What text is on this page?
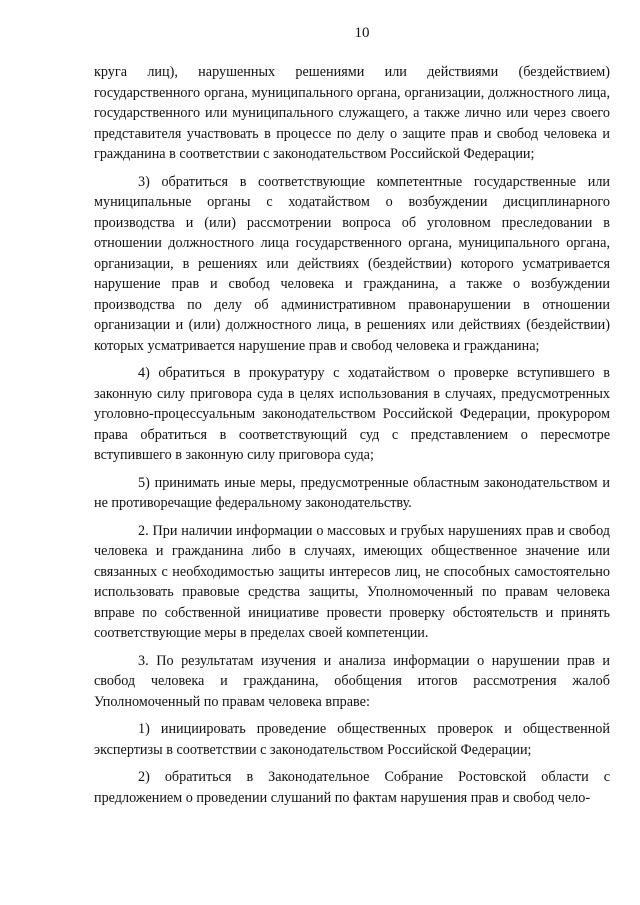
10

круга лиц), нарушенных решениями или действиями (бездействием) государственного органа, муниципального органа, организации, должностного лица, государственного или муниципального служащего, а также лично или через своего представителя участвовать в процессе по делу о защите прав и свобод человека и гражданина в соответствии с законодательством Российской Федерации;

3) обратиться в соответствующие компетентные государственные или муниципальные органы с ходатайством о возбуждении дисциплинарного производства и (или) рассмотрении вопроса об уголовном преследовании в отношении должностного лица государственного органа, муниципального органа, организации, в решениях или действиях (бездействии) которого усматривается нарушение прав и свобод человека и гражданина, а также о возбуждении производства по делу об административном правонарушении в отношении организации и (или) должностного лица, в решениях или действиях (бездействии) которых усматривается нарушение прав и свобод человека и гражданина;

4) обратиться в прокуратуру с ходатайством о проверке вступившего в законную силу приговора суда в целях использования в случаях, предусмотренных уголовно-процессуальным законодательством Российской Федерации, прокурором права обратиться в соответствующий суд с представлением о пересмотре вступившего в законную силу приговора суда;

5) принимать иные меры, предусмотренные областным законодательством и не противоречащие федеральному законодательству.

2. При наличии информации о массовых и грубых нарушениях прав и свобод человека и гражданина либо в случаях, имеющих общественное значение или связанных с необходимостью защиты интересов лиц, не способных самостоятельно использовать правовые средства защиты, Уполномоченный по правам человека вправе по собственной инициативе провести проверку обстоятельств и принять соответствующие меры в пределах своей компетенции.

3. По результатам изучения и анализа информации о нарушении прав и свобод человека и гражданина, обобщения итогов рассмотрения жалоб Уполномоченный по правам человека вправе:

1) инициировать проведение общественных проверок и общественной экспертизы в соответствии с законодательством Российской Федерации;

2) обратиться в Законодательное Собрание Ростовской области с предложением о проведении слушаний по фактам нарушения прав и свобод чело-
